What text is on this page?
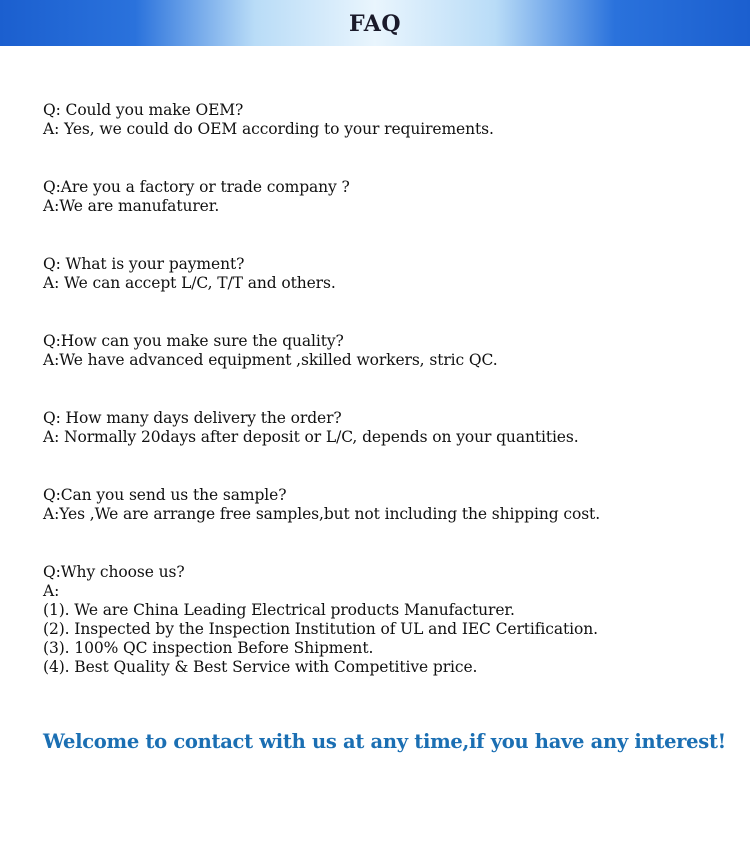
FAQ
Q: Could you make OEM?
A: Yes, we could do OEM according to your requirements.
Q:Are you a factory or trade company ?
A:We are manufaturer.
Q: What is your payment?
A: We can accept L/C, T/T and others.
Q:How can you make sure the quality?
A:We have advanced equipment ,skilled workers, stric QC.
Q: How many days delivery the order?
A: Normally 20days after deposit or L/C, depends on your quantities.
Q:Can you send us the sample?
A:Yes ,We are arrange free samples,but not including the shipping cost.
Q:Why choose us?
A:
(1). We are China Leading Electrical products Manufacturer.
(2). Inspected by the Inspection Institution of UL and IEC Certification.
(3). 100% QC inspection Before Shipment.
(4). Best Quality & Best Service with Competitive price.
Welcome to contact with us at any time,if you have any interest!
